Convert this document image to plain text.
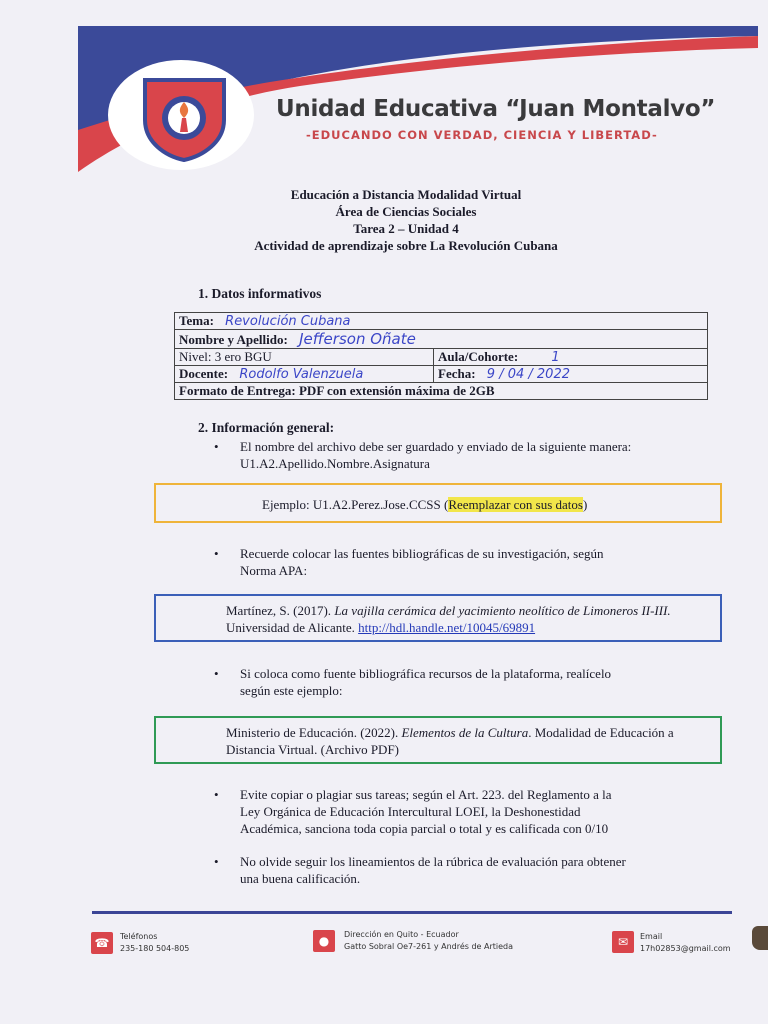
Unidad Educativa “Juan Montalvo”
-EDUCANDO CON VERDAD, CIENCIA Y LIBERTAD-
Educación a Distancia Modalidad Virtual
Área de Ciencias Sociales
Tarea 2 – Unidad 4
Actividad de aprendizaje sobre La Revolución Cubana
1. Datos informativos
Tema: Revolución Cubana	
Nombre y Apellido: Jefferson Oñate	
Nivel: 3 ero BGU	Aula/Cohorte: 1
Docente: Rodolfo Valenzuela	Fecha: 9 / 04 / 2022
Formato de Entrega: PDF con extensión máxima de 2GB	
2. Información general:
• El nombre del archivo debe ser guardado y enviado de la siguiente manera:
U1.A2.Apellido.Nombre.Asignatura
Ejemplo: U1.A2.Perez.Jose.CCSS (Reemplazar con sus datos)
• Recuerde colocar las fuentes bibliográficas de su investigación, según
Norma APA:
Martínez, S. (2017). La vajilla cerámica del yacimiento neolítico de Limoneros II-III.
Universidad de Alicante. http://hdl.handle.net/10045/69891
• Si coloca como fuente bibliográfica recursos de la plataforma, realícelo
según este ejemplo:
Ministerio de Educación. (2022). Elementos de la Cultura. Modalidad de Educación a
Distancia Virtual. (Archivo PDF)
• Evite copiar o plagiar sus tareas; según el Art. 223. del Reglamento a la
Ley Orgánica de Educación Intercultural LOEI, la Deshonestidad
Académica, sanciona toda copia parcial o total y es calificada con 0/10
• No olvide seguir los lineamientos de la rúbrica de evaluación para obtener
una buena calificación.
☎	Teléfonos
235-180 504-805
●	Dirección en Quito - Ecuador
Gatto Sobral Oe7-261 y Andrés de Artieda	✉	Email
17h02853@gmail.com
